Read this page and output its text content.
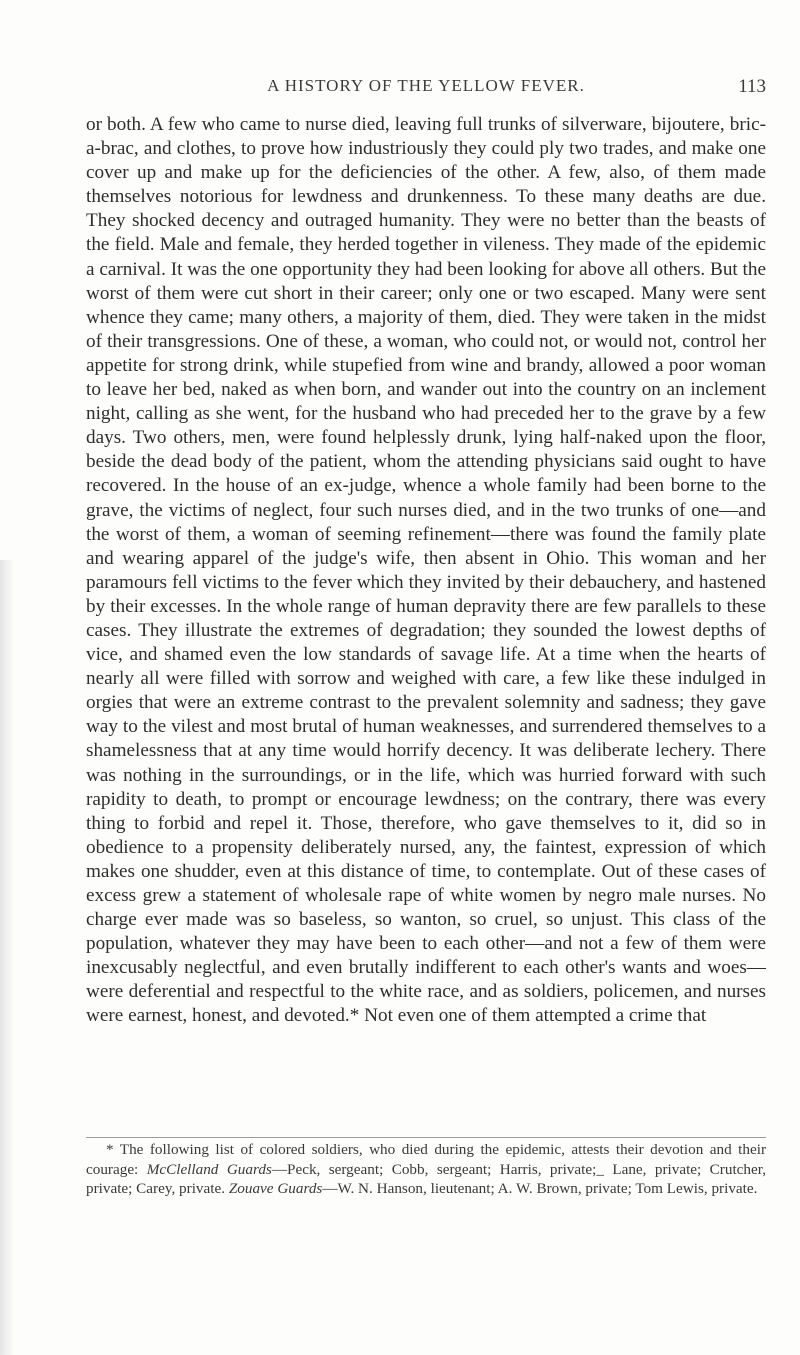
A HISTORY OF THE YELLOW FEVER.	113

or both. A few who came to nurse died, leaving full trunks of silverware, bijoutere, bric-a-brac, and clothes, to prove how industriously they could ply two trades, and make one cover up and make up for the deficiencies of the other. A few, also, of them made themselves notorious for lewdness and drunkenness. To these many deaths are due. They shocked decency and outraged humanity. They were no better than the beasts of the field. Male and female, they herded together in vileness. They made of the epidemic a carnival. It was the one opportunity they had been looking for above all others. But the worst of them were cut short in their career; only one or two escaped. Many were sent whence they came; many others, a majority of them, died. They were taken in the midst of their transgressions. One of these, a woman, who could not, or would not, control her appetite for strong drink, while stupefied from wine and brandy, allowed a poor woman to leave her bed, naked as when born, and wander out into the country on an inclement night, calling as she went, for the husband who had preceded her to the grave by a few days. Two others, men, were found helplessly drunk, lying half-naked upon the floor, beside the dead body of the patient, whom the attending physicians said ought to have recovered. In the house of an ex-judge, whence a whole family had been borne to the grave, the victims of neglect, four such nurses died, and in the two trunks of one—and the worst of them, a woman of seeming refinement—there was found the family plate and wearing apparel of the judge's wife, then absent in Ohio. This woman and her paramours fell victims to the fever which they invited by their debauchery, and hastened by their excesses. In the whole range of human depravity there are few parallels to these cases. They illustrate the extremes of degradation; they sounded the lowest depths of vice, and shamed even the low standards of savage life. At a time when the hearts of nearly all were filled with sorrow and weighed with care, a few like these indulged in orgies that were an extreme contrast to the prevalent solemnity and sadness; they gave way to the vilest and most brutal of human weaknesses, and surrendered themselves to a shamelessness that at any time would horrify decency. It was deliberate lechery. There was nothing in the surroundings, or in the life, which was hurried forward with such rapidity to death, to prompt or encourage lewdness; on the contrary, there was every thing to forbid and repel it. Those, therefore, who gave themselves to it, did so in obedience to a propensity deliberately nursed, any, the faintest, expression of which makes one shudder, even at this distance of time, to contemplate. Out of these cases of excess grew a statement of wholesale rape of white women by negro male nurses. No charge ever made was so baseless, so wanton, so cruel, so unjust. This class of the population, whatever they may have been to each other—and not a few of them were inexcusably neglectful, and even brutally indifferent to each other's wants and woes—were deferential and respectful to the white race, and as soldiers, policemen, and nurses were earnest, honest, and devoted.* Not even one of them attempted a crime that

* The following list of colored soldiers, who died during the epidemic, attests their devotion and their courage: McClelland Guards—Peck, sergeant; Cobb, sergeant; Harris, private;_ Lane, private; Crutcher, private; Carey, private. Zouave Guards—W. N. Hanson, lieutenant; A. W. Brown, private; Tom Lewis, private.
